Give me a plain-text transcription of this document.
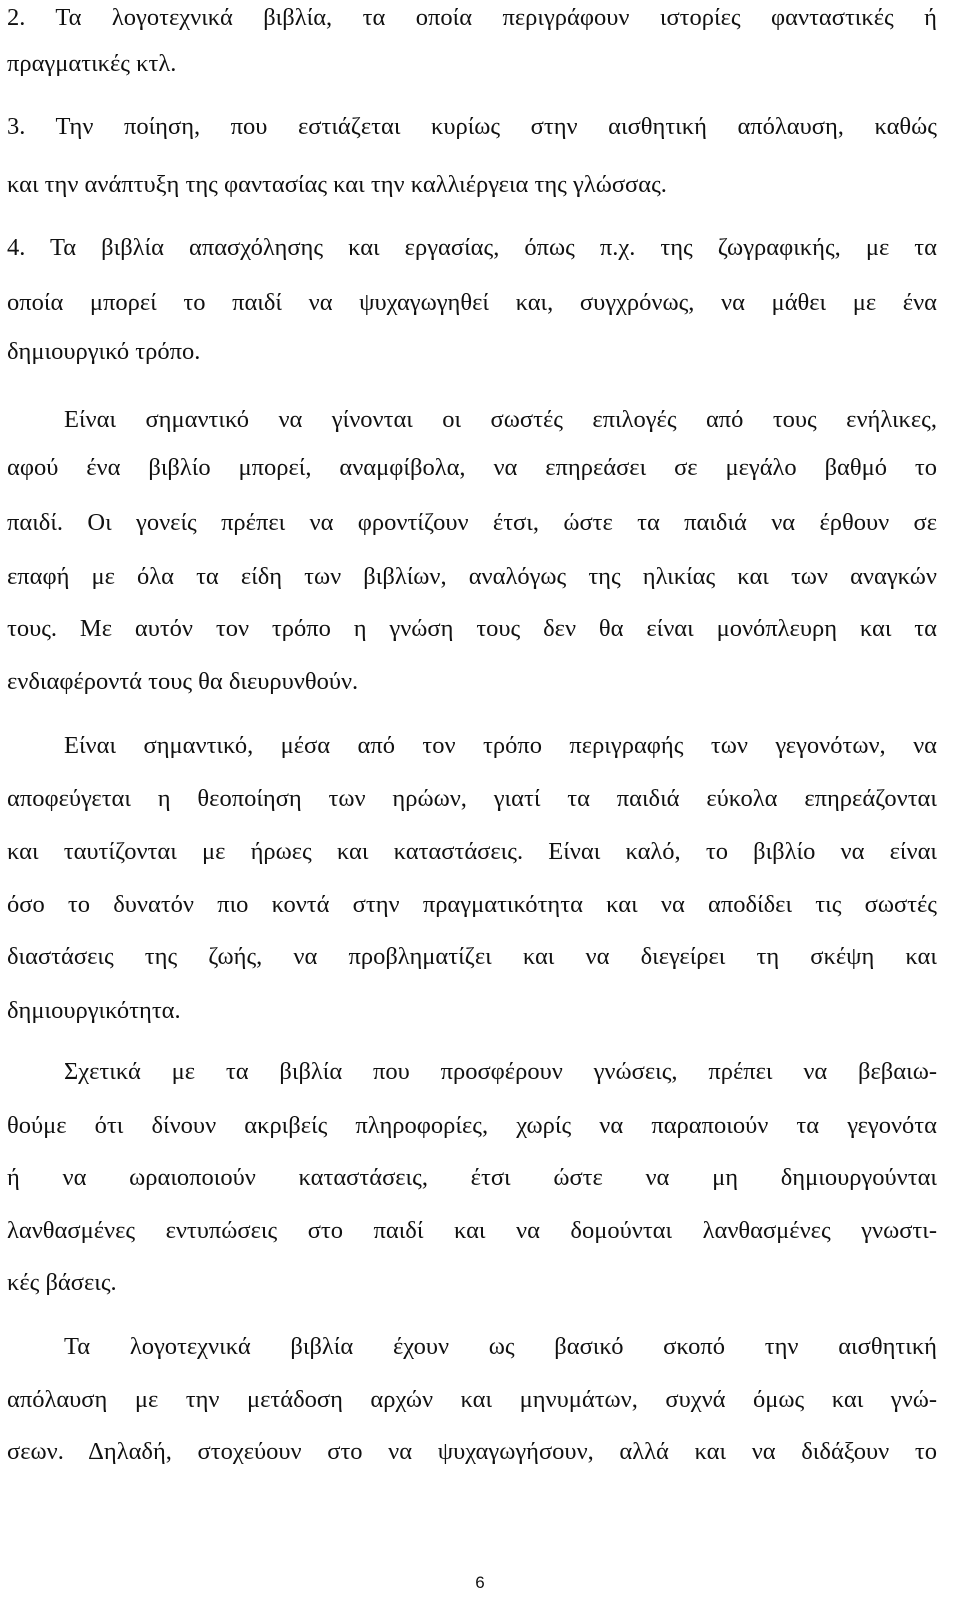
2. Τα λογοτεχνικά βιβλία, τα οποία περιγράφουν ιστορίες φανταστικές ή
πραγματικές κτλ.
3. Την ποίηση, που εστιάζεται κυρίως στην αισθητική απόλαυση, καθώς
και την ανάπτυξη της φαντασίας και την καλλιέργεια της γλώσσας.
4. Τα βιβλία απασχόλησης και εργασίας, όπως π.χ. της ζωγραφικής, με τα
οποία μπορεί το παιδί να ψυχαγωγηθεί και, συγχρόνως, να μάθει με ένα
δημιουργικό τρόπο.
Είναι σημαντικό να γίνονται οι σωστές επιλογές από τους ενήλικες,
αφού ένα βιβλίο μπορεί, αναμφίβολα, να επηρεάσει σε μεγάλο βαθμό το
παιδί. Οι γονείς πρέπει να φροντίζουν έτσι, ώστε τα παιδιά να έρθουν σε
επαφή με όλα τα είδη των βιβλίων, αναλόγως της ηλικίας και των αναγκών
τους. Με αυτόν τον τρόπο η γνώση τους δεν θα είναι μονόπλευρη και τα
ενδιαφέροντά τους θα διευρυνθούν.
Είναι σημαντικό, μέσα από τον τρόπο περιγραφής των γεγονότων, να
αποφεύγεται η θεοποίηση των ηρώων, γιατί τα παιδιά εύκολα επηρεάζονται
και ταυτίζονται με ήρωες και καταστάσεις. Είναι καλό, το βιβλίο να είναι
όσο το δυνατόν πιο κοντά στην πραγματικότητα και να αποδίδει τις σωστές
διαστάσεις της ζωής, να προβληματίζει και να διεγείρει τη σκέψη και
δημιουργικότητα.
Σχετικά με τα βιβλία που προσφέρουν γνώσεις, πρέπει να βεβαιω-
θούμε ότι δίνουν ακριβείς πληροφορίες, χωρίς να παραποιούν τα γεγονότα
ή να ωραιοποιούν καταστάσεις, έτσι ώστε να μη δημιουργούνται
λανθασμένες εντυπώσεις στο παιδί και να δομούνται λανθασμένες γνωστι-
κές βάσεις.
Τα λογοτεχνικά βιβλία έχουν ως βασικό σκοπό την αισθητική
απόλαυση με την μετάδοση αρχών και μηνυμάτων, συχνά όμως και γνώ-
σεων. Δηλαδή, στοχεύουν στο να ψυχαγωγήσουν, αλλά και να διδάξουν το
6
